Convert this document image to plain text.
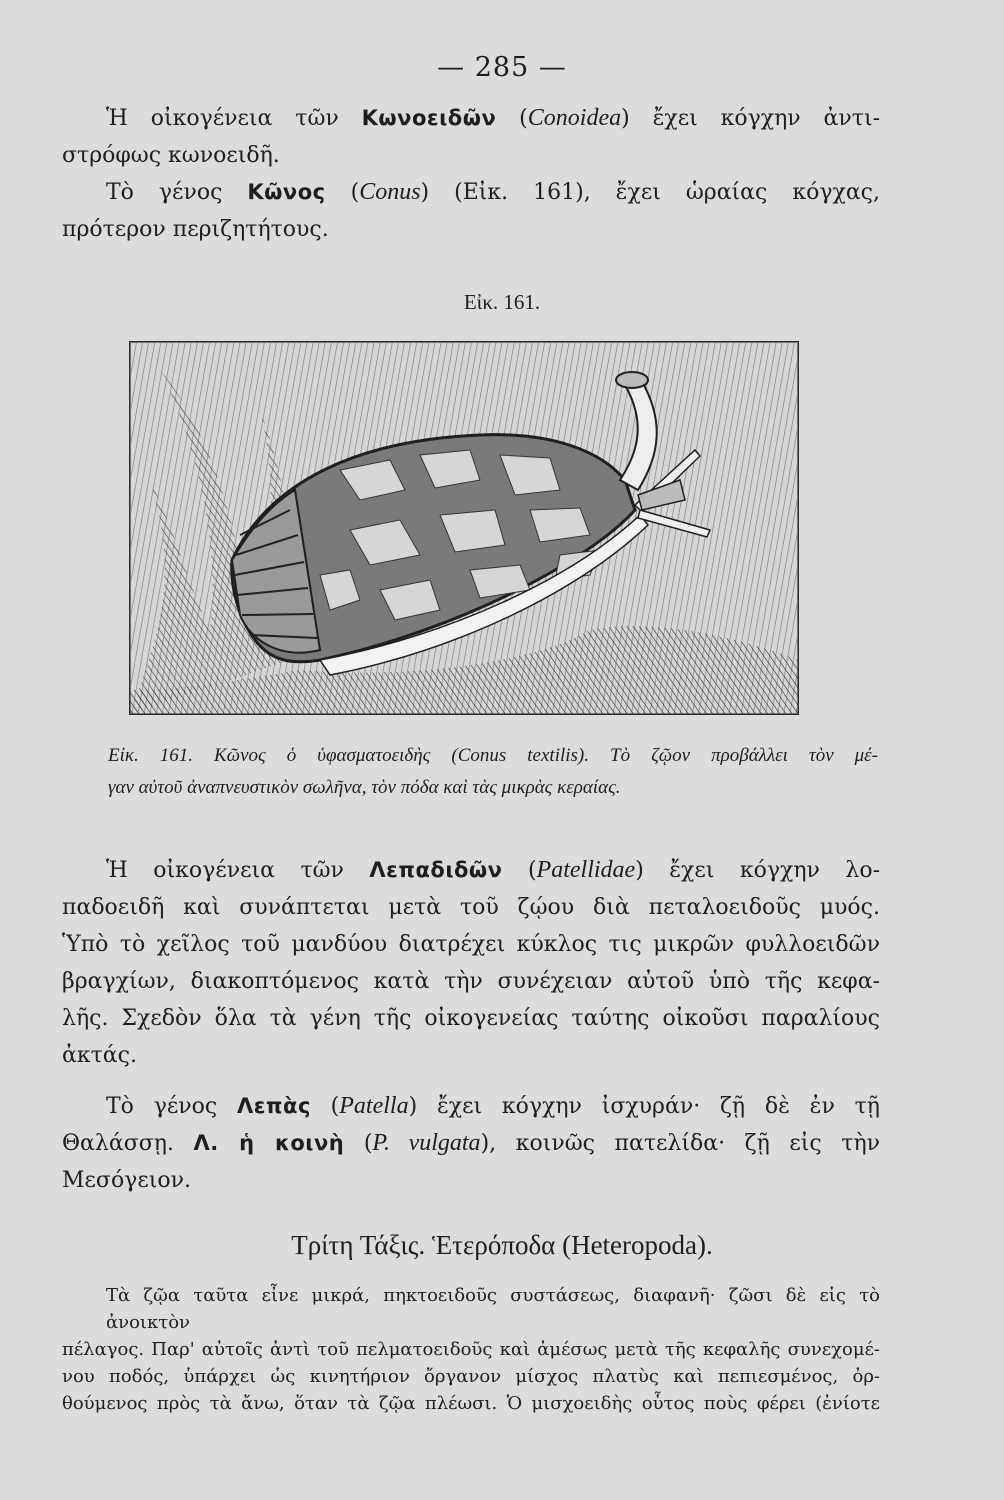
— 285 —

Ἡ οἰκογένεια τῶν Κωνοειδῶν (Conoidea) ἔχει κόγχην ἀντι-
στρόφως κωνοειδῆ.
Τὸ γένος Κῶνος (Conus) (Εἰκ. 161), ἔχει ὡραίας κόγχας,
πρότερον περιζητήτους.

Εἰκ. 161.
Εἰκ. 161. Κῶνος ὁ ὑφασματοειδὴς (Conus textilis). Τὸ ζῷον προβάλλει τὸν μέ-
γαν αὐτοῦ ἀναπνευστικὸν σωλῆνα, τὸν πόδα καὶ τὰς μικρὰς κεραίας.

Ἡ οἰκογένεια τῶν Λεπαδιδῶν (Patellidae) ἔχει κόγχην λο-
παδοειδῆ καὶ συνάπτεται μετὰ τοῦ ζῴου διὰ πεταλοειδοῦς μυός.
Ὑπὸ τὸ χεῖλος τοῦ μανδύου διατρέχει κύκλος τις μικρῶν φυλλοειδῶν
βραγχίων, διακοπτόμενος κατὰ τὴν συνέχειαν αὐτοῦ ὑπὸ τῆς κεφα-
λῆς. Σχεδὸν ὅλα τὰ γένη τῆς οἰκογενείας ταύτης οἰκοῦσι παραλίους
ἀκτάς.

Τὸ γένος Λεπὰς (Patella) ἔχει κόγχην ἰσχυράν· ζῇ δὲ ἐν τῇ
Θαλάσσῃ. Λ. ἡ κοινὴ (P. vulgata), κοινῶς πατελίδα· ζῇ εἰς τὴν
Μεσόγειον.

Τρίτη Τάξις. Ἑτερόποδα (Heteropoda).
Τὰ ζῷα ταῦτα εἶνε μικρά, πηκτοειδοῦς συστάσεως, διαφανῆ· ζῶσι δὲ εἰς τὸ ἀνοικτὸν
πέλαγος. Παρ' αὐτοῖς ἀντὶ τοῦ πελματοειδοῦς καὶ ἀμέσως μετὰ τῆς κεφαλῆς συνεχομέ-
νου ποδός, ὑπάρχει ὡς κινητήριον ὄργανον μίσχος πλατὺς καὶ πεπιεσμένος, ὀρ-
θούμενος πρὸς τὰ ἄνω, ὅταν τὰ ζῷα πλέωσι. Ὁ μισχοειδὴς οὗτος ποὺς φέρει (ἐνίοτε
